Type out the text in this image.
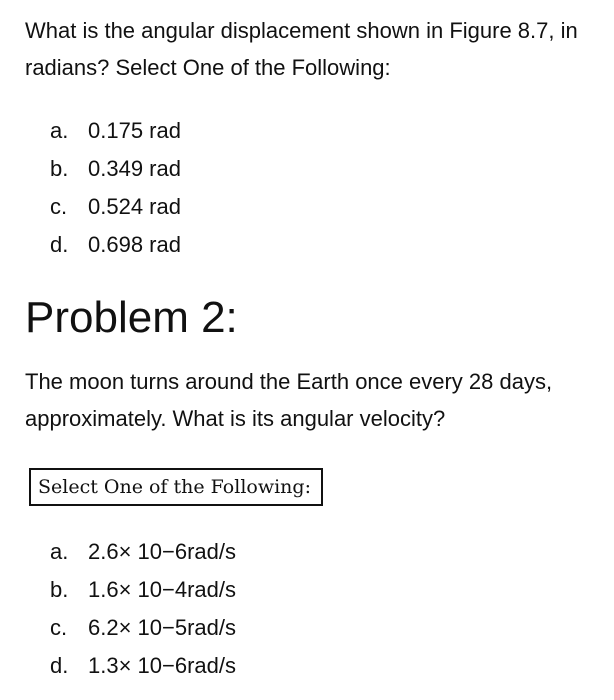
What is the angular displacement shown in Figure 8.7, in radians? Select One of the Following:

a. 0.175 rad
b. 0.349 rad
c. 0.524 rad
d. 0.698 rad
Problem 2:

The moon turns around the Earth once every 28 days, approximately. What is its angular velocity?

Select One of the Following:
a. 2.6× 10−6rad/s
b. 1.6× 10−4rad/s
c. 6.2× 10−5rad/s
d. 1.3× 10−6rad/s
